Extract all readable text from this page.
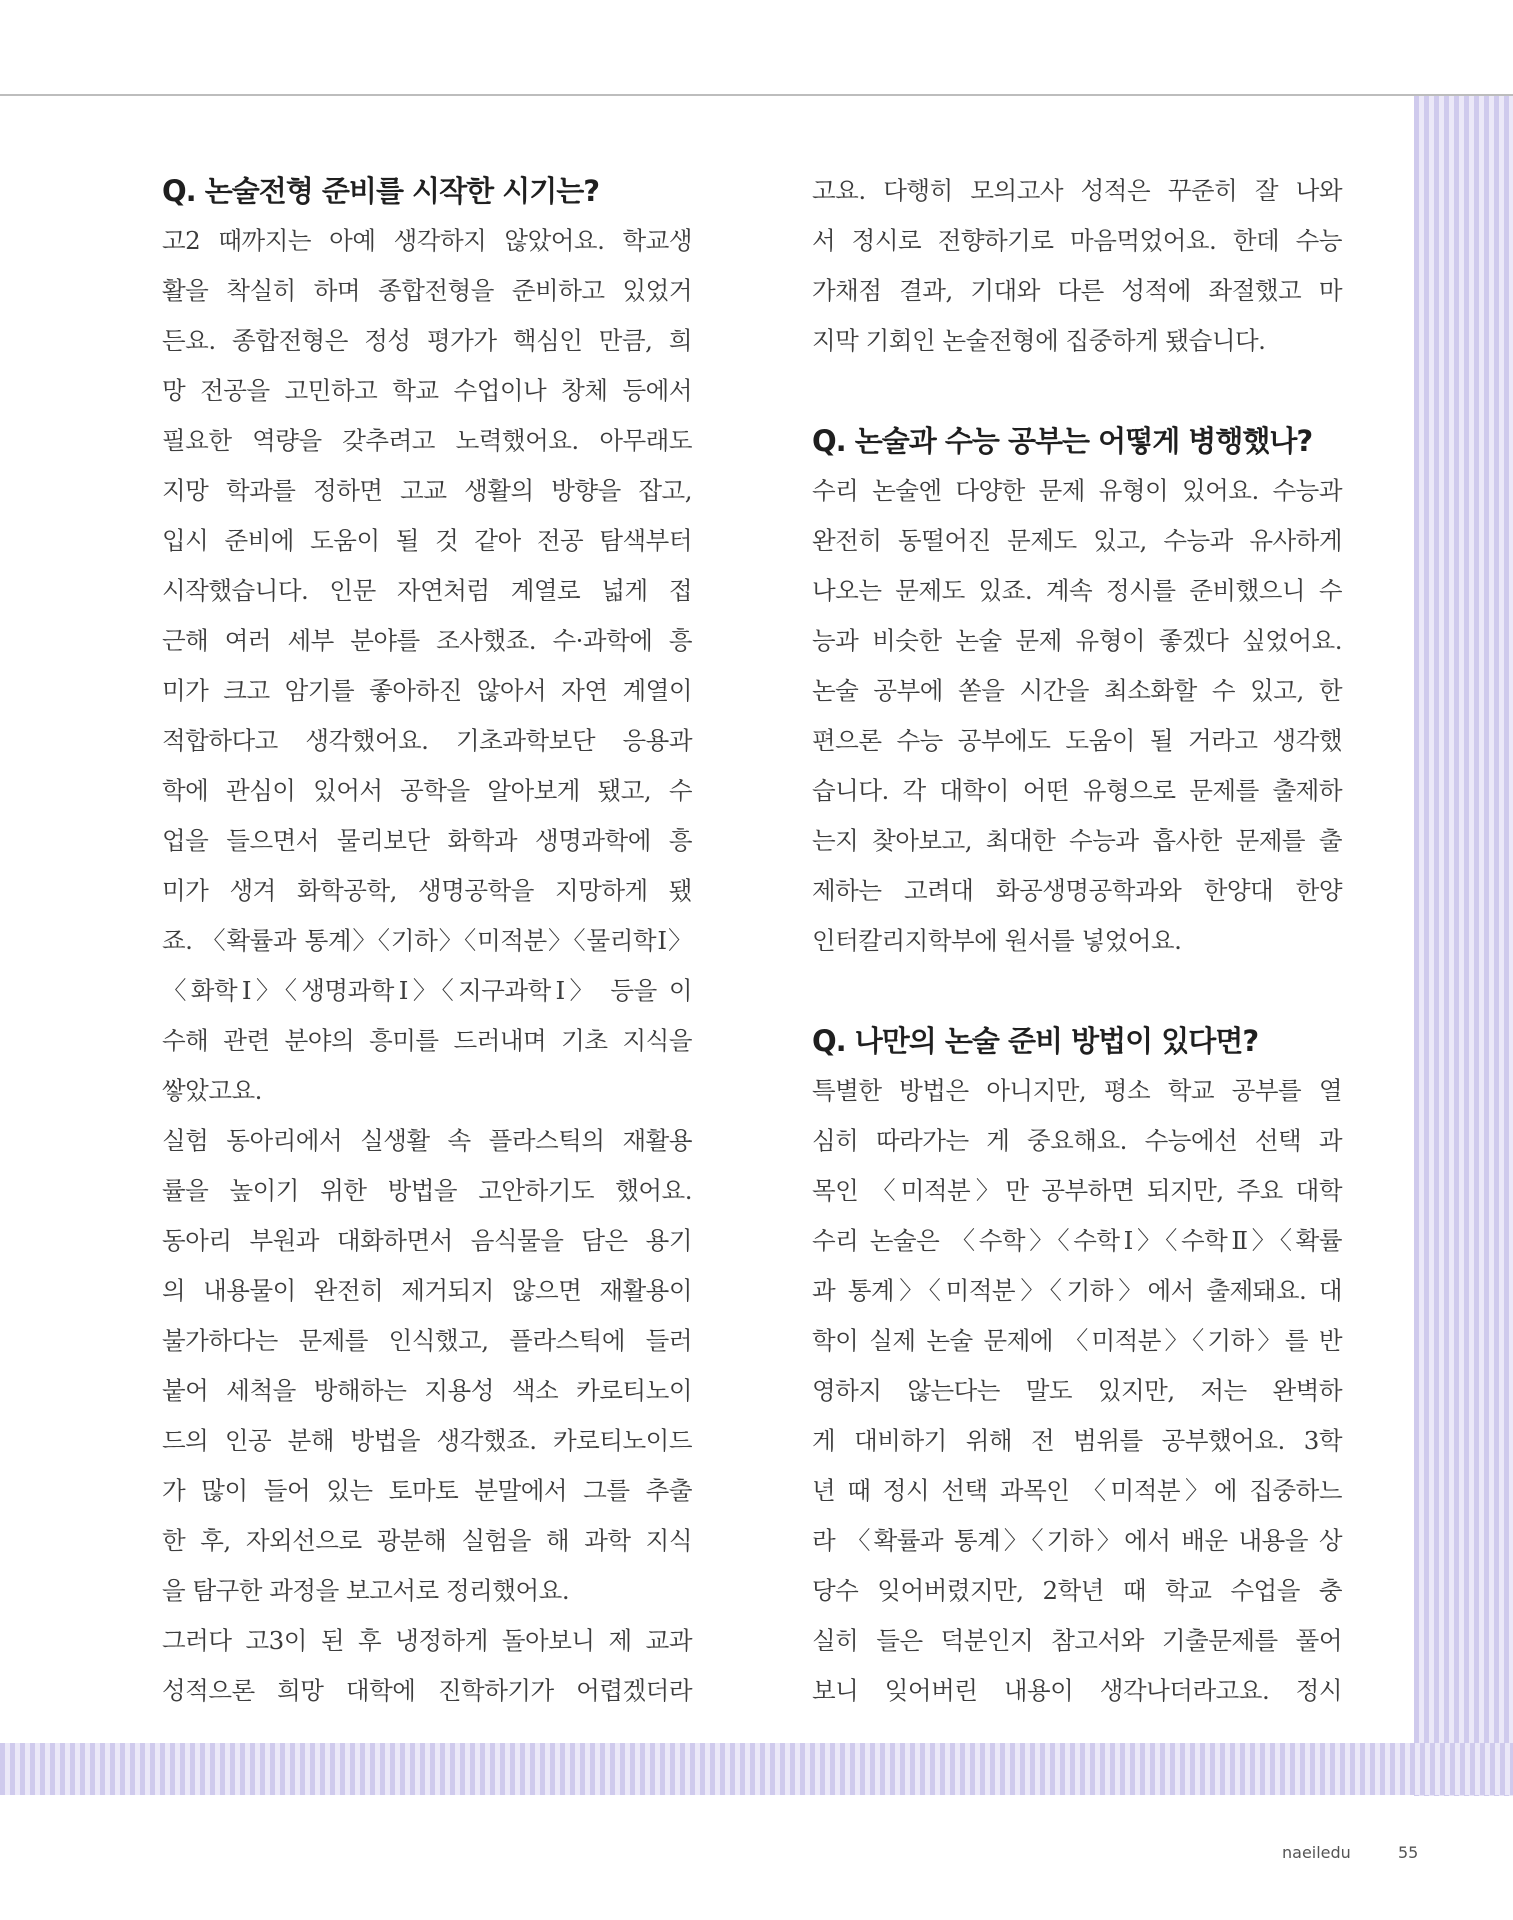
Q. 논술전형 준비를 시작한 시기는?
고2 때까지는 아예 생각하지 않았어요. 학교생
활을 착실히 하며 종합전형을 준비하고 있었거
든요. 종합전형은 정성 평가가 핵심인 만큼, 희
망 전공을 고민하고 학교 수업이나 창체 등에서
필요한 역량을 갖추려고 노력했어요. 아무래도
지망 학과를 정하면 고교 생활의 방향을 잡고,
입시 준비에 도움이 될 것 같아 전공 탐색부터
시작했습니다. 인문 자연처럼 계열로 넓게 접
근해 여러 세부 분야를 조사했죠. 수·과학에 흥
미가 크고 암기를 좋아하진 않아서 자연 계열이
적합하다고 생각했어요. 기초과학보단 응용과
학에 관심이 있어서 공학을 알아보게 됐고, 수
업을 들으면서 물리보단 화학과 생명과학에 흥
미가 생겨 화학공학, 생명공학을 지망하게 됐
죠. 〈확률과 통계〉〈기하〉〈미적분〉〈물리학Ⅰ〉
〈화학Ⅰ〉〈생명과학Ⅰ〉〈지구과학Ⅰ〉 등을 이
수해 관련 분야의 흥미를 드러내며 기초 지식을
쌓았고요.
실험 동아리에서 실생활 속 플라스틱의 재활용
률을 높이기 위한 방법을 고안하기도 했어요.
동아리 부원과 대화하면서 음식물을 담은 용기
의 내용물이 완전히 제거되지 않으면 재활용이
불가하다는 문제를 인식했고, 플라스틱에 들러
붙어 세척을 방해하는 지용성 색소 카로티노이
드의 인공 분해 방법을 생각했죠. 카로티노이드
가 많이 들어 있는 토마토 분말에서 그를 추출
한 후, 자외선으로 광분해 실험을 해 과학 지식
을 탐구한 과정을 보고서로 정리했어요.
그러다 고3이 된 후 냉정하게 돌아보니 제 교과
성적으론 희망 대학에 진학하기가 어렵겠더라
고요. 다행히 모의고사 성적은 꾸준히 잘 나와
서 정시로 전향하기로 마음먹었어요. 한데 수능
가채점 결과, 기대와 다른 성적에 좌절했고 마
지막 기회인 논술전형에 집중하게 됐습니다.
Q. 논술과 수능 공부는 어떻게 병행했나?
수리 논술엔 다양한 문제 유형이 있어요. 수능과
완전히 동떨어진 문제도 있고, 수능과 유사하게
나오는 문제도 있죠. 계속 정시를 준비했으니 수
능과 비슷한 논술 문제 유형이 좋겠다 싶었어요.
논술 공부에 쏟을 시간을 최소화할 수 있고, 한
편으론 수능 공부에도 도움이 될 거라고 생각했
습니다. 각 대학이 어떤 유형으로 문제를 출제하
는지 찾아보고, 최대한 수능과 흡사한 문제를 출
제하는 고려대 화공생명공학과와 한양대 한양
인터칼리지학부에 원서를 넣었어요.
Q. 나만의 논술 준비 방법이 있다면?
특별한 방법은 아니지만, 평소 학교 공부를 열
심히 따라가는 게 중요해요. 수능에선 선택 과
목인 〈미적분〉만 공부하면 되지만, 주요 대학
수리 논술은 〈수학〉〈수학Ⅰ〉〈수학Ⅱ〉〈확률
과 통계〉〈미적분〉〈기하〉에서 출제돼요. 대
학이 실제 논술 문제에 〈미적분〉〈기하〉를 반
영하지 않는다는 말도 있지만, 저는 완벽하
게 대비하기 위해 전 범위를 공부했어요. 3학
년 때 정시 선택 과목인 〈미적분〉에 집중하느
라 〈확률과 통계〉〈기하〉에서 배운 내용을 상
당수 잊어버렸지만, 2학년 때 학교 수업을 충
실히 들은 덕분인지 참고서와 기출문제를 풀어
보니 잊어버린 내용이 생각나더라고요. 정시
naeiledu	55
